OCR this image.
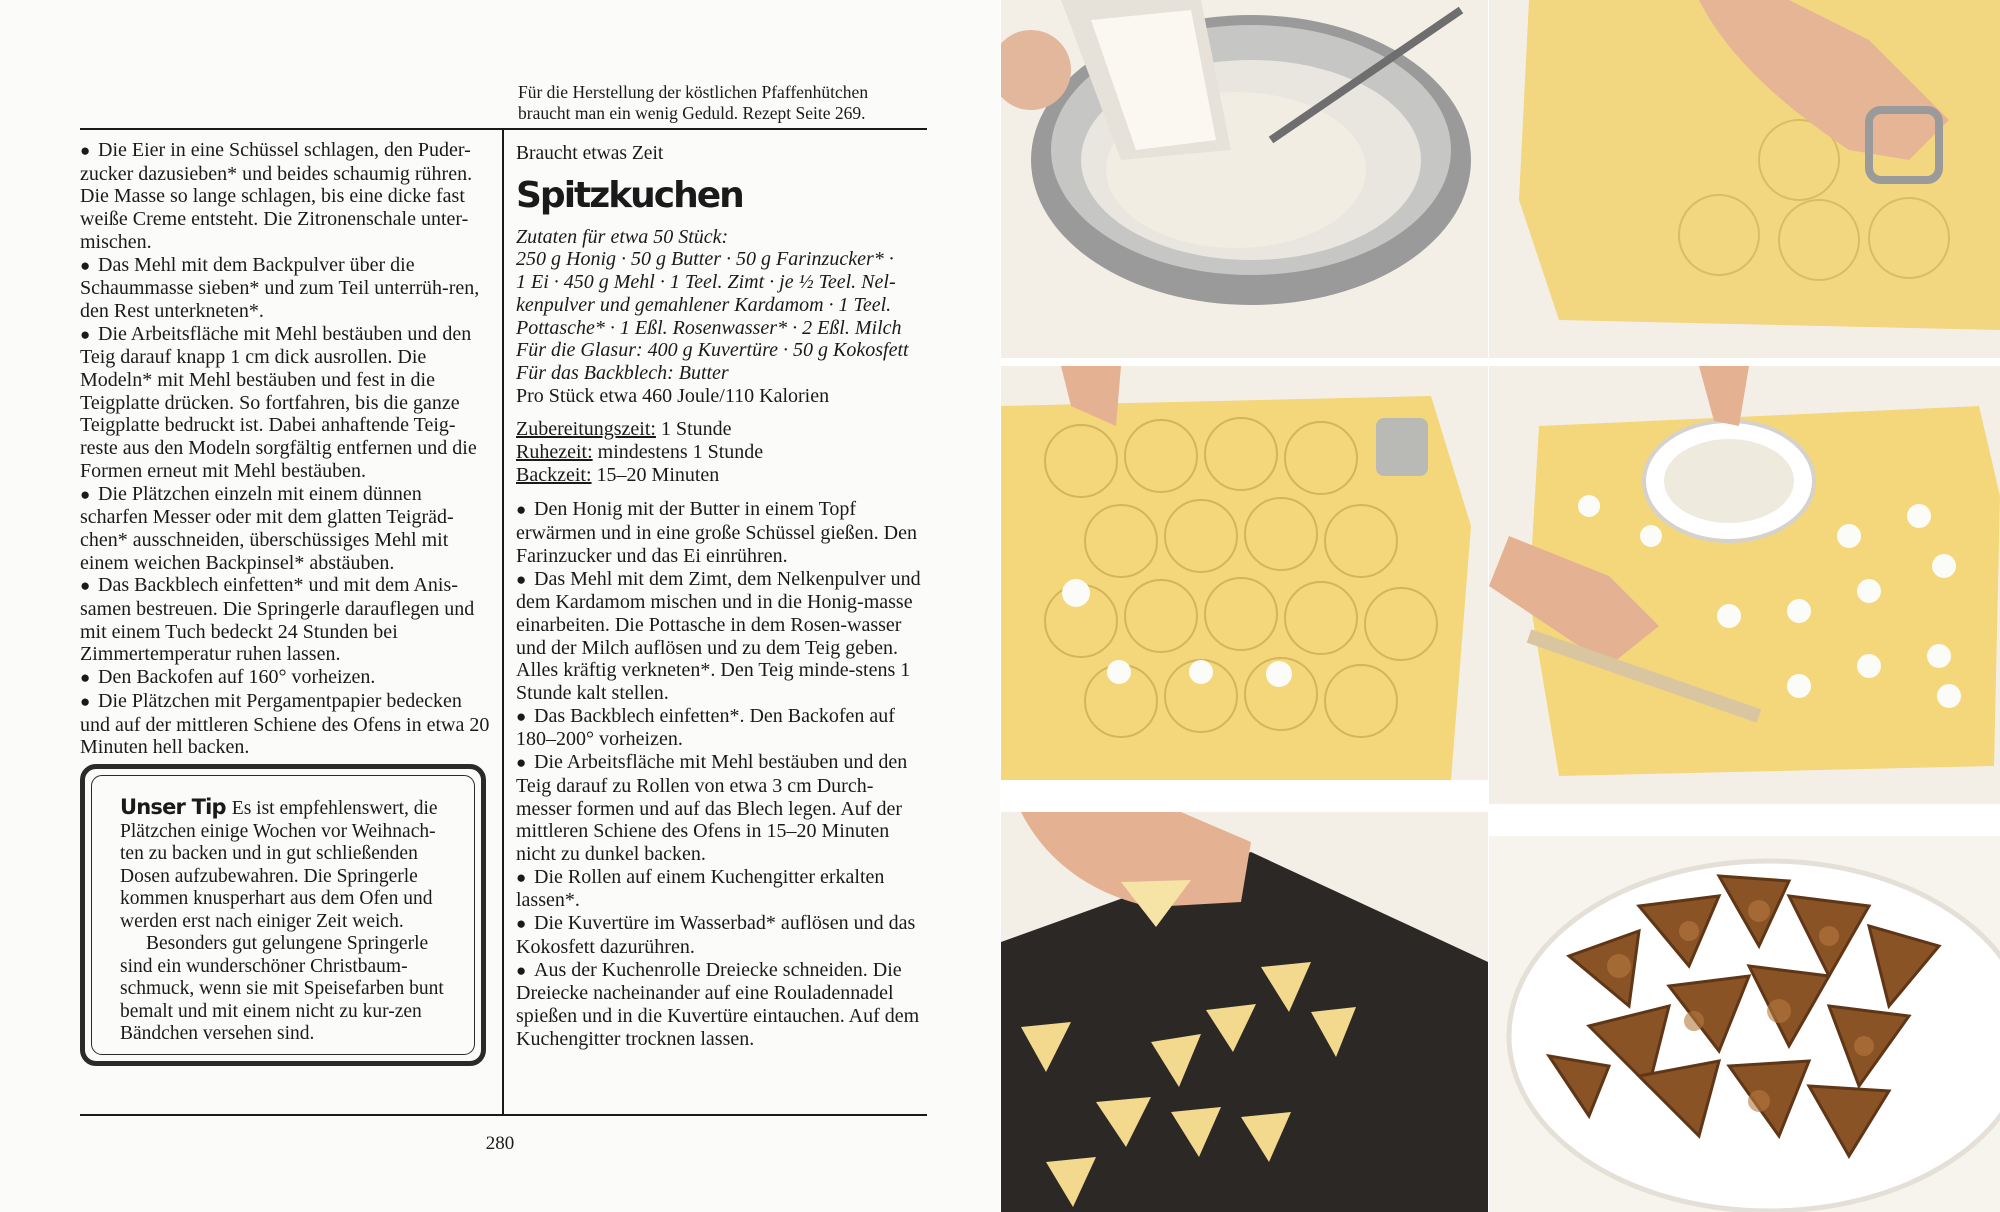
Für die Herstellung der köstlichen Pfaffenhütchen
braucht man ein wenig Geduld. Rezept Seite 269.

● Die Eier in eine Schüssel schlagen, den Puder-zucker dazusieben* und beides schaumig rühren. Die Masse so lange schlagen, bis eine dicke fast weiße Creme entsteht. Die Zitronenschale unter-mischen.

● Das Mehl mit dem Backpulver über die Schaummasse sieben* und zum Teil unterrüh-ren, den Rest unterkneten*.

● Die Arbeitsfläche mit Mehl bestäuben und den Teig darauf knapp 1 cm dick ausrollen. Die Modeln* mit Mehl bestäuben und fest in die Teigplatte drücken. So fortfahren, bis die ganze Teigplatte bedruckt ist. Dabei anhaftende Teig-reste aus den Modeln sorgfältig entfernen und die Formen erneut mit Mehl bestäuben.

● Die Plätzchen einzeln mit einem dünnen scharfen Messer oder mit dem glatten Teigräd-chen* ausschneiden, überschüssiges Mehl mit einem weichen Backpinsel* abstäuben.

● Das Backblech einfetten* und mit dem Anis-samen bestreuen. Die Springerle darauflegen und mit einem Tuch bedeckt 24 Stunden bei Zimmertemperatur ruhen lassen.

● Den Backofen auf 160° vorheizen.

● Die Plätzchen mit Pergamentpapier bedecken und auf der mittleren Schiene des Ofens in etwa 20 Minuten hell backen.

Unser Tip Es ist empfehlenswert, die Plätzchen einige Wochen vor Weihnach-ten zu backen und in gut schließenden Dosen aufzubewahren. Die Springerle kommen knusperhart aus dem Ofen und werden erst nach einiger Zeit weich.

Besonders gut gelungene Springerle sind ein wunderschöner Christbaum-schmuck, wenn sie mit Speisefarben bunt bemalt und mit einem nicht zu kur-zen Bändchen versehen sind.

Braucht etwas Zeit
Spitzkuchen
Zutaten für etwa 50 Stück:
250 g Honig · 50 g Butter · 50 g Farinzucker* ·
1 Ei · 450 g Mehl · 1 Teel. Zimt · je ½ Teel. Nel-
kenpulver und gemahlener Kardamom · 1 Teel.
Pottasche* · 1 Eßl. Rosenwasser* · 2 Eßl. Milch
Für die Glasur: 400 g Kuvertüre · 50 g Kokosfett
Für das Backblech: Butter
Pro Stück etwa 460 Joule/110 Kalorien
Zubereitungszeit: 1 Stunde
Ruhezeit: mindestens 1 Stunde
Backzeit: 15–20 Minuten

● Den Honig mit der Butter in einem Topf erwärmen und in eine große Schüssel gießen. Den Farinzucker und das Ei einrühren.

● Das Mehl mit dem Zimt, dem Nelkenpulver und dem Kardamom mischen und in die Honig-masse einarbeiten. Die Pottasche in dem Rosen-wasser und der Milch auflösen und zu dem Teig geben. Alles kräftig verkneten*. Den Teig minde-stens 1 Stunde kalt stellen.

● Das Backblech einfetten*. Den Backofen auf 180–200° vorheizen.

● Die Arbeitsfläche mit Mehl bestäuben und den Teig darauf zu Rollen von etwa 3 cm Durch-messer formen und auf das Blech legen. Auf der mittleren Schiene des Ofens in 15–20 Minuten nicht zu dunkel backen.

● Die Rollen auf einem Kuchengitter erkalten lassen*.

● Die Kuvertüre im Wasserbad* auflösen und das Kokosfett dazurühren.

● Aus der Kuchenrolle Dreiecke schneiden. Die Dreiecke nacheinander auf eine Rouladennadel spießen und in die Kuvertüre eintauchen. Auf dem Kuchengitter trocknen lassen.

280
